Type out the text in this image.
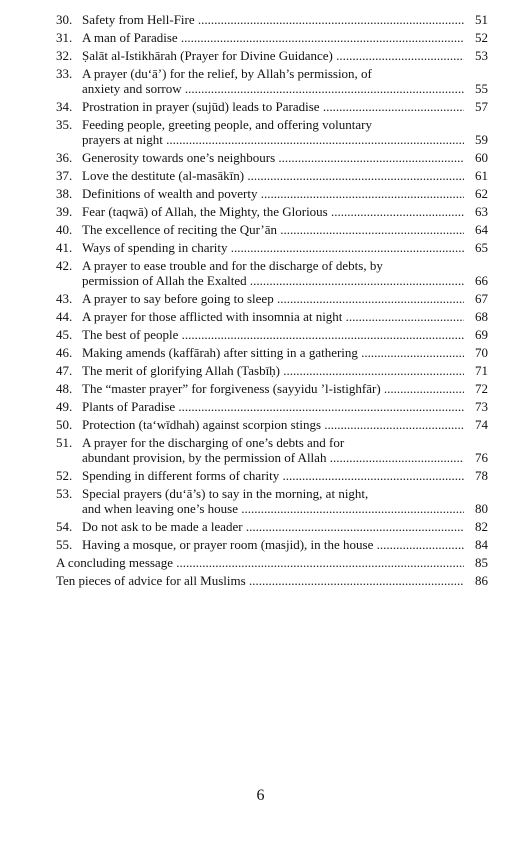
30. Safety from Hell-Fire .....	51
31. A man of Paradise .....	52
32. Ṣalāt al-Istikhārah (Prayer for Divine Guidance) .....	53
33. A prayer (du‘ā’) for the relief, by Allah’s permission, of
anxiety and sorrow .....	55
34. Prostration in prayer (sujūd) leads to Paradise .....	57
35. Feeding people, greeting people, and offering voluntary
prayers at night .....	59
36. Generosity towards one’s neighbours .....	60
37. Love the destitute (al-masākīn) .....	61
38. Definitions of wealth and poverty .....	62
39. Fear (taqwā) of Allah, the Mighty, the Glorious .....	63
40. The excellence of reciting the Qur’ān .....	64
41. Ways of spending in charity .....	65
42. A prayer to ease trouble and for the discharge of debts, by
permission of Allah the Exalted .....	66
43. A prayer to say before going to sleep .....	67
44. A prayer for those afflicted with insomnia at night .....	68
45. The best of people .....	69
46. Making amends (kaffārah) after sitting in a gathering .....	70
47. The merit of glorifying Allah (Tasbīḥ) .....	71
48. The “master prayer” for forgiveness (sayyidu ’l-istighfār) .....	72
49. Plants of Paradise .....	73
50. Protection (ta‘wīdhah) against scorpion stings .....	74
51. A prayer for the discharging of one’s debts and for
abundant provision, by the permission of Allah .....	76
52. Spending in different forms of charity .....	78
53. Special prayers (du‘ā’s) to say in the morning, at night,
and when leaving one’s house .....	80
54. Do not ask to be made a leader .....	82
55. Having a mosque, or prayer room (masjid), in the house .....	84
A concluding message .....	85
Ten pieces of advice for all Muslims .....	86
6
